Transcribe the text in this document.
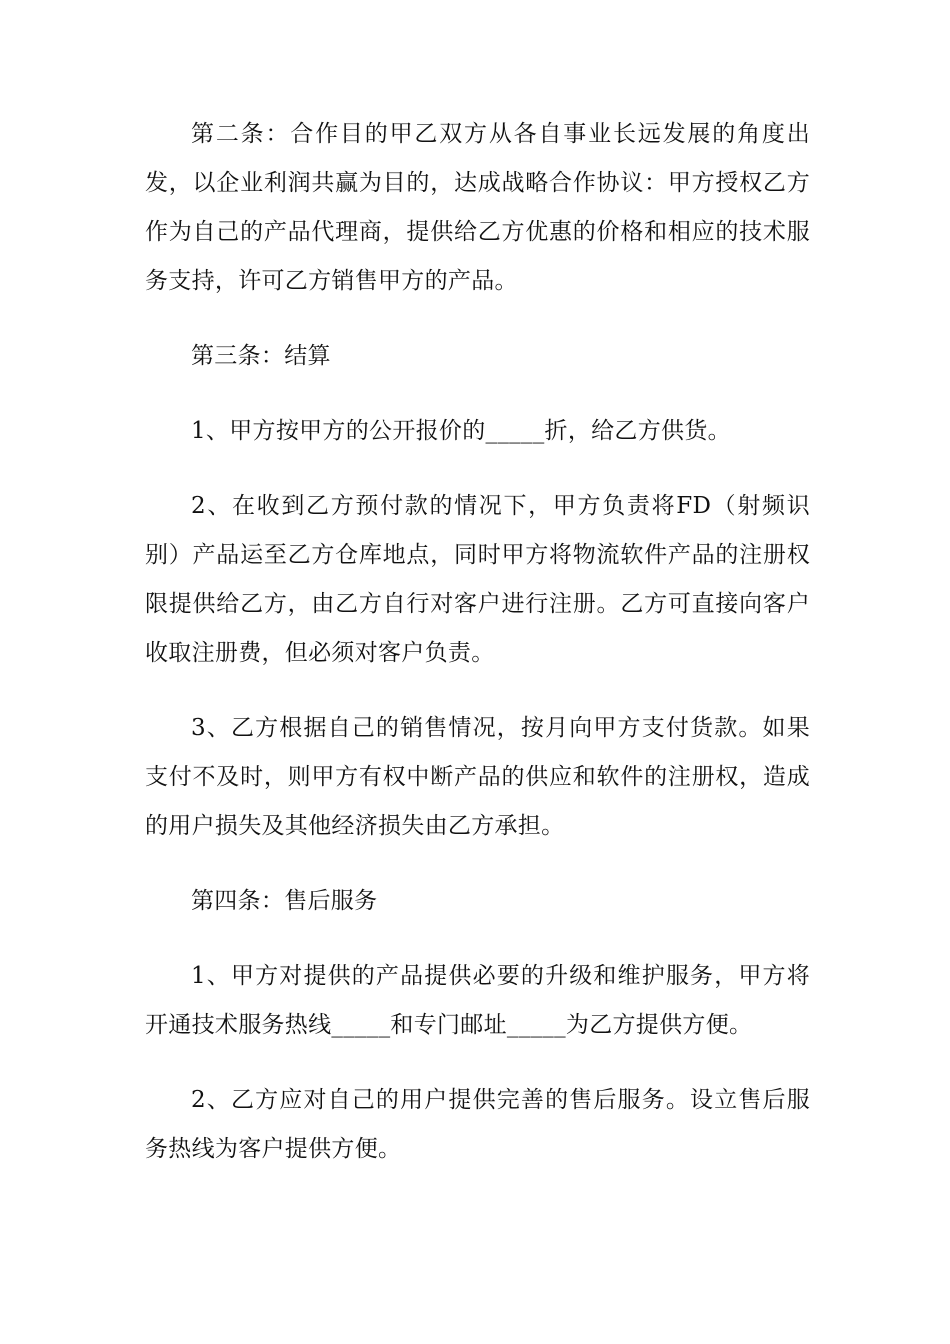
第二条：合作目的甲乙双方从各自事业长远发展的角度出发，以企业利润共赢为目的，达成战略合作协议：甲方授权乙方作为自己的产品代理商，提供给乙方优惠的价格和相应的技术服务支持，许可乙方销售甲方的产品。

第三条：结算

1、甲方按甲方的公开报价的_____折，给乙方供货。

2、在收到乙方预付款的情况下，甲方负责将FD（射频识别）产品运至乙方仓库地点，同时甲方将物流软件产品的注册权限提供给乙方，由乙方自行对客户进行注册。乙方可直接向客户收取注册费，但必须对客户负责。

3、乙方根据自己的销售情况，按月向甲方支付货款。如果支付不及时，则甲方有权中断产品的供应和软件的注册权，造成的用户损失及其他经济损失由乙方承担。

第四条：售后服务

1、甲方对提供的产品提供必要的升级和维护服务，甲方将开通技术服务热线_____和专门邮址_____为乙方提供方便。

2、乙方应对自己的用户提供完善的售后服务。设立售后服务热线为客户提供方便。
